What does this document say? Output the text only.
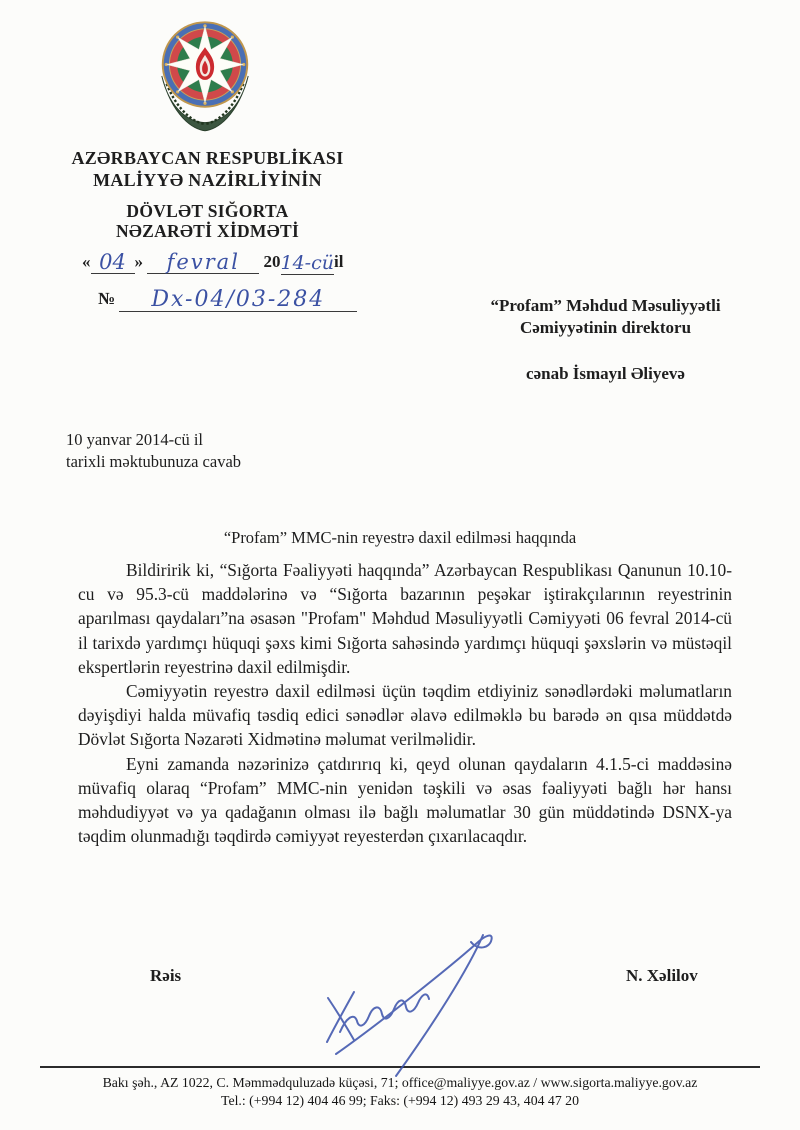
AZƏRBAYCAN RESPUBLİKASI
MALİYYƏ NAZİRLİYİNİN
DÖVLƏT SIĞORTA
NƏZARƏTİ XİDMƏTİ
« 04 » fevral 2014-cüil
№ Dx-04/03-284	“Profam” Məhdud Məsuliyyətli
Cəmiyyətinin direktoru
cənab İsmayıl Əliyevə
10 yanvar 2014-cü il
tarixli məktubunuza cavab
“Profam” MMC-nin reyestrə daxil edilməsi haqqında

Bildiririk ki, “Sığorta Fəaliyyəti haqqında” Azərbaycan Respublikası Qanunun 10.10-cu və 95.3-cü maddələrinə və “Sığorta bazarının peşəkar iştirakçılarının reyestrinin aparılması qaydaları”na əsasən "Profam" Məhdud Məsuliyyətli Cəmiyyəti 06 fevral 2014-cü il tarixdə yardımçı hüquqi şəxs kimi Sığorta sahəsində yardımçı hüquqi şəxslərin və müstəqil ekspertlərin reyestrinə daxil edilmişdir.

Cəmiyyətin reyestrə daxil edilməsi üçün təqdim etdiyiniz sənədlərdəki məlumatların dəyişdiyi halda müvafiq təsdiq edici sənədlər əlavə edilməklə bu barədə ən qısa müddətdə Dövlət Sığorta Nəzarəti Xidmətinə məlumat verilməlidir.

Eyni zamanda nəzərinizə çatdırırıq ki, qeyd olunan qaydaların 4.1.5-ci maddəsinə müvafiq olaraq “Profam” MMC-nin yenidən təşkili və əsas fəaliyyəti bağlı hər hansı məhdudiyyət və ya qadağanın olması ilə bağlı məlumatlar 30 gün müddətində DSNX-ya təqdim olunmadığı təqdirdə cəmiyyət reyesterdən çıxarılacaqdır.

Rəis	N. Xəlilov
Bakı şəh., AZ 1022, C. Məmmədquluzadə küçəsi, 71; office@maliyye.gov.az / www.sigorta.maliyye.gov.az
Tel.: (+994 12) 404 46 99; Faks: (+994 12) 493 29 43, 404 47 20
